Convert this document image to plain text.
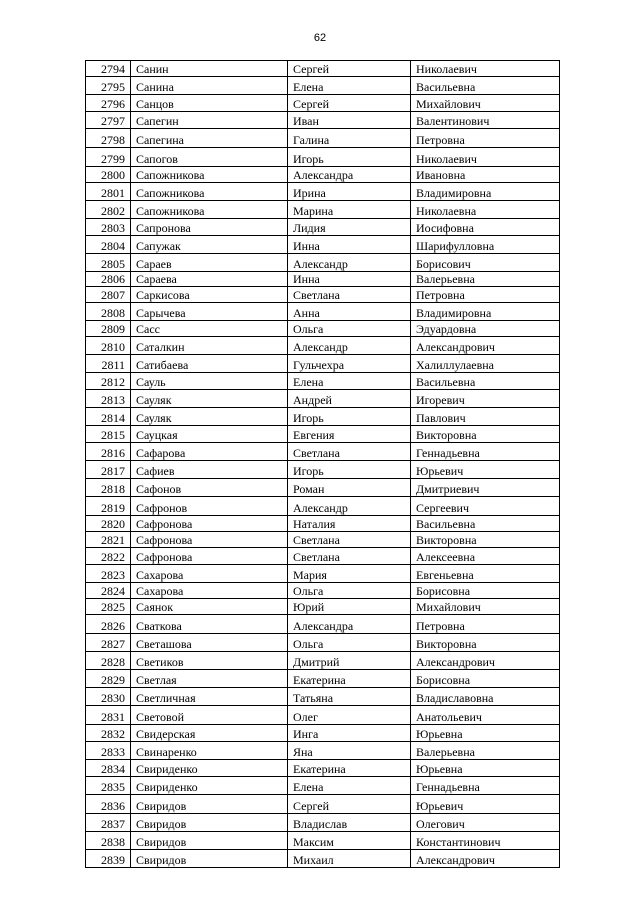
62
2794	Санин	Сергей	Николаевич
2795	Санина	Елена	Васильевна
2796	Санцов	Сергей	Михайлович
2797	Сапегин	Иван	Валентинович
2798	Сапегина	Галина	Петровна
2799	Сапогов	Игорь	Николаевич
2800	Сапожникова	Александра	Ивановна
2801	Сапожникова	Ирина	Владимировна
2802	Сапожникова	Марина	Николаевна
2803	Сапронова	Лидия	Иосифовна
2804	Сапужак	Инна	Шарифулловна
2805	Сараев	Александр	Борисович
2806	Сараева	Инна	Валерьевна
2807	Саркисова	Светлана	Петровна
2808	Сарычева	Анна	Владимировна
2809	Сасс	Ольга	Эдуардовна
2810	Саталкин	Александр	Александрович
2811	Сатибаева	Гульчехра	Халиллулаевна
2812	Сауль	Елена	Васильевна
2813	Сауляк	Андрей	Игоревич
2814	Сауляк	Игорь	Павлович
2815	Сауцкая	Евгения	Викторовна
2816	Сафарова	Светлана	Геннадьевна
2817	Сафиев	Игорь	Юрьевич
2818	Сафонов	Роман	Дмитриевич
2819	Сафронов	Александр	Сергеевич
2820	Сафронова	Наталия	Васильевна
2821	Сафронова	Светлана	Викторовна
2822	Сафронова	Светлана	Алексеевна
2823	Сахарова	Мария	Евгеньевна
2824	Сахарова	Ольга	Борисовна
2825	Саянок	Юрий	Михайлович
2826	Сваткова	Александра	Петровна
2827	Светашова	Ольга	Викторовна
2828	Светиков	Дмитрий	Александрович
2829	Светлая	Екатерина	Борисовна
2830	Светличная	Татьяна	Владиславовна
2831	Световой	Олег	Анатольевич
2832	Свидерская	Инга	Юрьевна
2833	Свинаренко	Яна	Валерьевна
2834	Свириденко	Екатерина	Юрьевна
2835	Свириденко	Елена	Геннадьевна
2836	Свиридов	Сергей	Юрьевич
2837	Свиридов	Владислав	Олегович
2838	Свиридов	Максим	Константинович
2839	Свиридов	Михаил	Александрович
